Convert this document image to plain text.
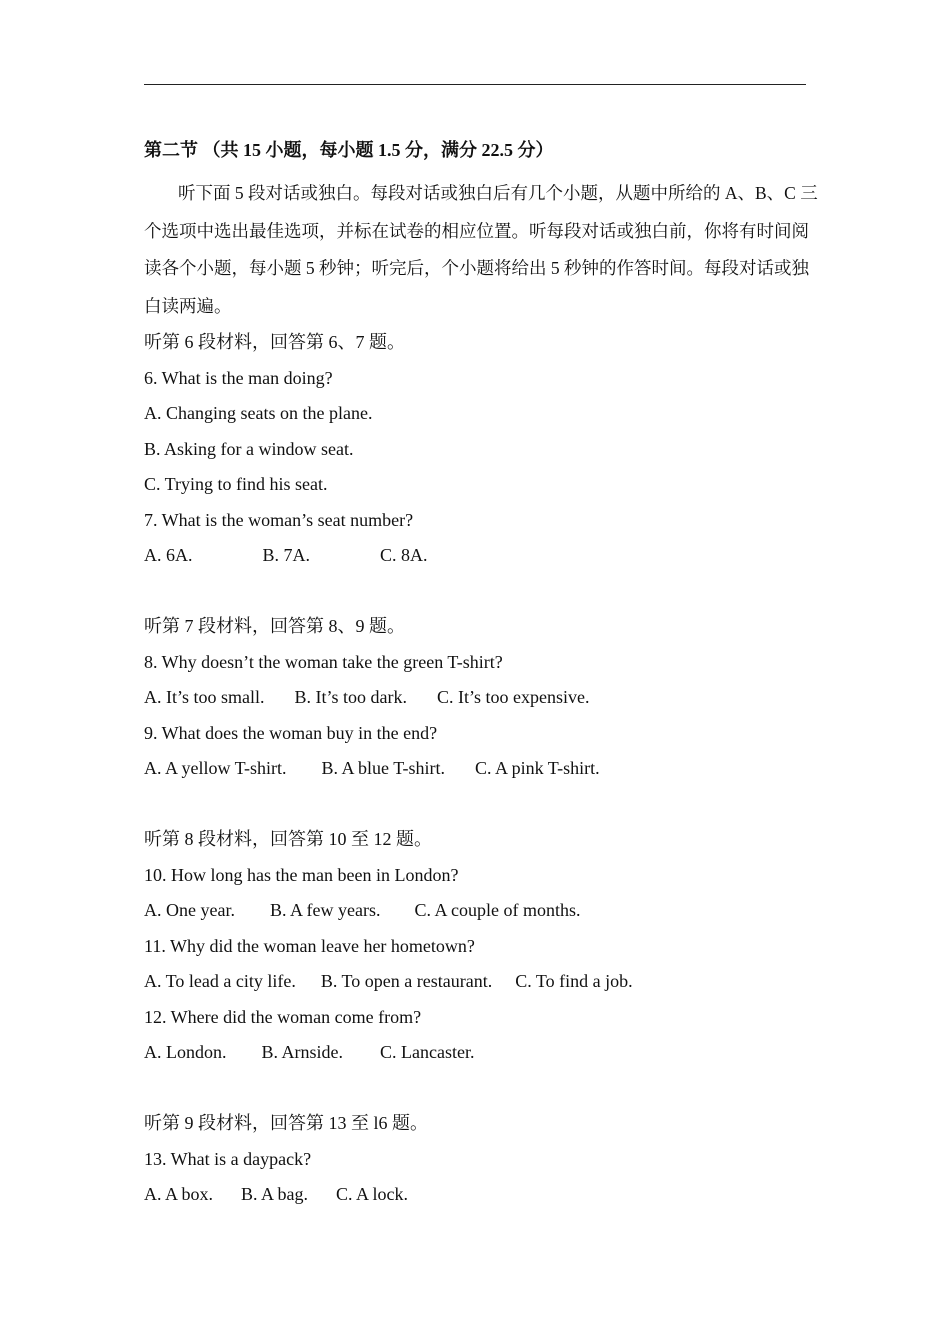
第二节 （共 15 小题，每小题 1.5 分，满分 22.5 分）

听下面 5 段对话或独白。每段对话或独白后有几个小题，从题中所给的 A、B、C 三个选项中选出最佳选项，并标在试卷的相应位置。听每段对话或独白前，你将有时间阅读各个小题，每小题 5 秒钟；听完后，个小题将给出 5 秒钟的作答时间。每段对话或独白读两遍。

听第 6 段材料，回答第 6、7 题。

6. What is the man doing?

A. Changing seats on the plane.

B. Asking for a window seat.

C. Trying to find his seat.

7. What is the woman’s seat number?

A. 6A.	B. 7A.	C. 8A.

听第 7 段材料，回答第 8、9 题。

8. Why doesn’t the woman take the green T-shirt?

A. It’s too small. B. It’s too dark. C. It’s too expensive.

9. What does the woman buy in the end?

A. A yellow T-shirt. B. A blue T-shirt. C. A pink T-shirt.

听第 8 段材料，回答第 10 至 12 题。

10. How long has the man been in London?

A. One year. B. A few years. C. A couple of months.

11. Why did the woman leave her hometown?

A. To lead a city life. B. To open a restaurant. C. To find a job.

12. Where did the woman come from?

A. London. B. Arnside. C. Lancaster.

听第 9 段材料，回答第 13 至 l6 题。

13. What is a daypack?

A. A box. B. A bag. C. A lock.
